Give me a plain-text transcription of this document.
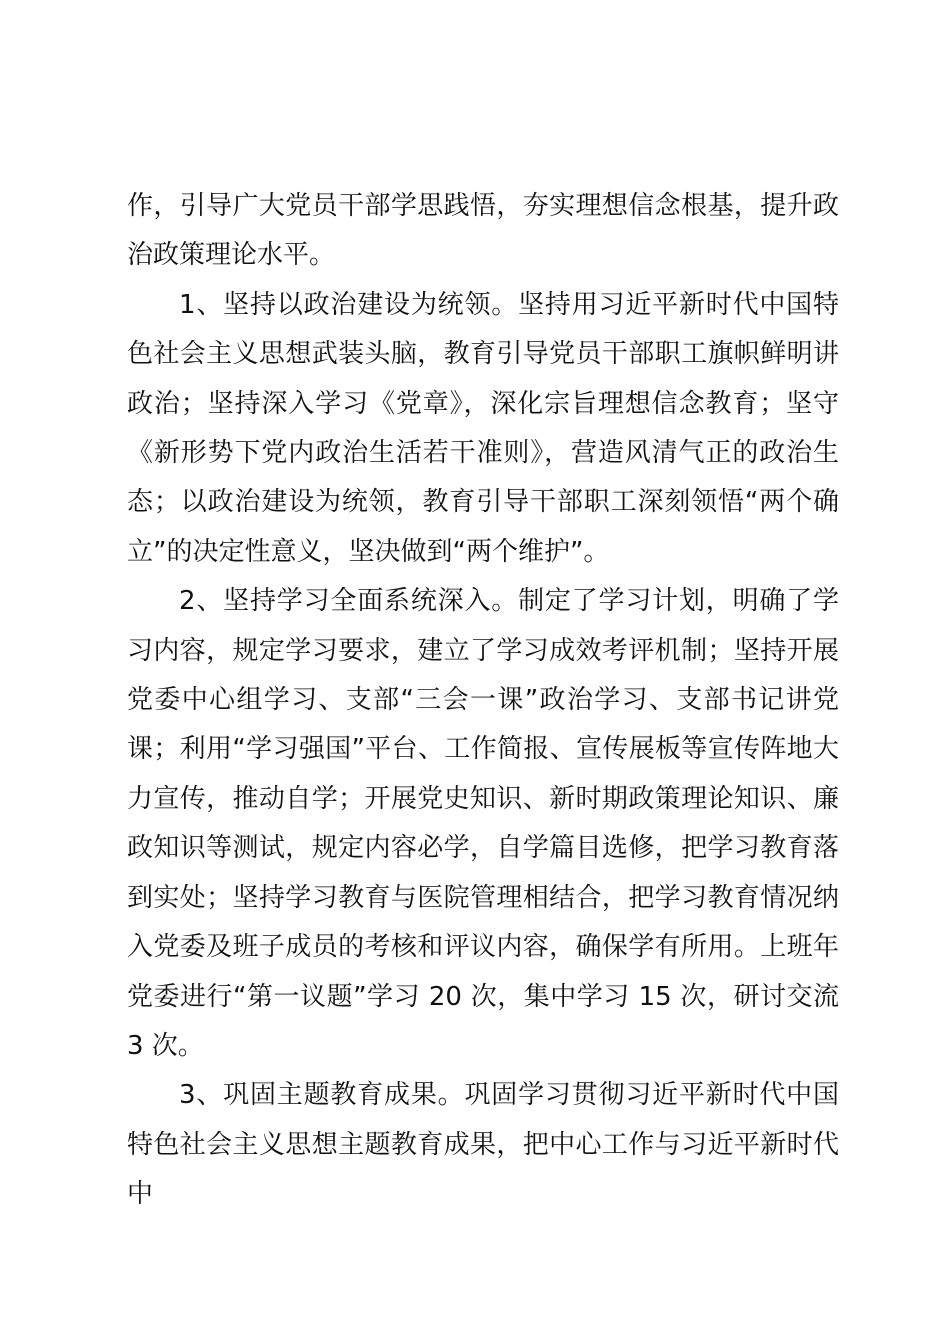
作，引导广大党员干部学思践悟，夯实理想信念根基，提升政治政策理论水平。

1、坚持以政治建设为统领。坚持用习近平新时代中国特色社会主义思想武装头脑，教育引导党员干部职工旗帜鲜明讲政治；坚持深入学习《党章》，深化宗旨理想信念教育；坚守《新形势下党内政治生活若干准则》，营造风清气正的政治生态；以政治建设为统领，教育引导干部职工深刻领悟“两个确立”的决定性意义，坚决做到“两个维护”。

2、坚持学习全面系统深入。制定了学习计划，明确了学习内容，规定学习要求，建立了学习成效考评机制；坚持开展党委中心组学习、支部“三会一课”政治学习、支部书记讲党课；利用“学习强国”平台、工作简报、宣传展板等宣传阵地大力宣传，推动自学；开展党史知识、新时期政策理论知识、廉政知识等测试，规定内容必学，自学篇目选修，把学习教育落到实处；坚持学习教育与医院管理相结合，把学习教育情况纳入党委及班子成员的考核和评议内容，确保学有所用。上班年党委进行“第一议题”学习 20 次，集中学习 15 次，研讨交流 3 次。

3、巩固主题教育成果。巩固学习贯彻习近平新时代中国特色社会主义思想主题教育成果，把中心工作与习近平新时代中
